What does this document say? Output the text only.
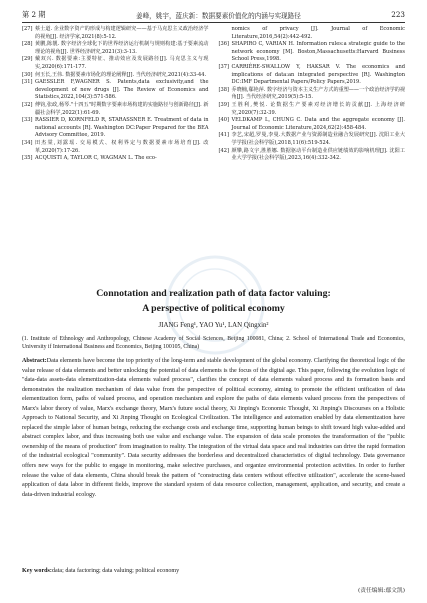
第 2 期	姜峰，姚宇，蓝庆新：数据要素价值化的内涵与实现路径	223
[27] 蔡士道. 企业数字资产的形成与构建逻辑研究——基于马克思主义政治经济学的视角[J]. 经济学家,2021(8):5-12.
[28] 黄鹏,陈靓. 数字经济全球化下的世界经济运行机制与规则构建:基于要素流动理论的视角[J]. 世界经济研究,2021(3):3-13.
[29] 戴双兴. 数据要素:主要特征、推动效应及发展路径[J]. 马克思主义与现实,2020(6):171-177.
[30] 何玉长,王伟. 数据要素市场化的理论阐释[J]. 当代经济研究,2021(4):33-44.
[31] GAESSLER F,WAGNER S. Patents,data exclusivity,and the development of new drugs [J]. The Review of Economics and Statistics,2022,104(3):571-586.
[32] 傅钧,张政,杨琴."十四五"时期数字要素市场构建的实施路径与创新路径[J]. 新疆社会科学,2022(1):61-69.
[33] RASSIER D, KORNFELD R, STARASSNER E. Treatment of data in national accounts [R]. Washington DC:Paper Prepared for the BEA Advisory Committee, 2019.
[34] 田杰棠,刘露瑶. 交易模式、权利界定与数据要素市场培育[J]. 改革,2020(7):17-26.
[35] ACQUISTI A, TAYLOR C, WAGMAN L. The eco-
nomics of privacy [J]. Journal of Economic Literature,2016,54(2):442-492.
[36] SHAPIRO C, VARIAN H. Information rules:a strategic guide to the network economy [M]. Boston,Massachusetts:Harvard Business School Press,1998.
[37] CARRIÈRE-SWALLOW Y, HAKSAR V. The economics and implications of data:an integrated perspective [R]. Washington DC:IMF Departmental Papers/Policy Papers,2019.
[38] 乔晓楠,郗艳萍. 数字经济与资本主义生产方式的重塑——一个政治经济学的视角[J]. 当代经济研究,2019(5):5-15.
[39] 王胜利,樊悦. 论数据生产要素对经济增长的贡献[J]. 上海经济研究,2020(7):32-39.
[40] VELDKAMP L, CHUNG C. Data and the aggregate economy [J]. Journal of Economic Literature,2024,62(2):458-484.
[41] 李艺,宋超,罗曼,李曼.大数据产业与资源制造业融合发展研究[J]. 沈阳工业大学学报(社会科学版),2018,11(6):519-524.
[42] 颜攀,路文宇,胜胜娜. 数据驱动平台制造业供应链绩效的影响机理[J]. 沈阳工业大学学报(社会科学版),2023,16(4):332-342.
Connotation and realization path of data factor valuing:
A perspective of political economy
JIANG Feng¹, YAO Yu¹, LAN Qingxin²
(1. Institute of Ethnology and Anthropology, Chinese Academy of Social Sciences, Beijing 100081, China; 2. School of International Trade and Economics, University if International Business and Economics, Beijing 100105, China)
Abstract:Data elements have become the top priority of the long-term and stable development of the global economy. Clarifying the theoretical logic of the value release of data elements and better unlocking the potential of data elements is the focus of the digital age. This paper, following the evolution logic of "data-data assets-data elementization-data elements valued process", clarifies the concept of data elements valued process and its formation basis and demonstrates the realization mechanism of data value from the perspective of political economy, aiming to promote the efficient unification of data elementization form, paths of valued process, and operation mechanism and explore the paths of data elements valued process from the perspectives of Marx's labor theory of value, Marx's exchange theory, Marx's future social theory, Xi Jinping's Economic Thought, Xi Jinping's Discourses on a Holistic Approach to National Security, and Xi Jinping Thought on Ecological Civilization. The intelligence and automation enabled by data elementization have replaced the simple labor of human beings, reducing the exchange costs and exchange time, supporting human beings to shift toward high value-added and abstract complex labor, and thus increasing both use value and exchange value. The expansion of data scale promotes the transformation of the "public ownership of the means of production" from imagination to reality. The integration of the virtual data space and real industries can drive the rapid formation of the industrial ecological "community". Data security addresses the borderless and decentralized characteristics of digital technology. Data governance offers new ways for the public to engage in monitoring, make selective purchases, and organize environmental protection activities. In order to further release the value of data elements, China should break the pattern of "constructing data centers without effective utilization", accelerate the scene-based application of data labor in different fields, improve the standard system of data resource collection, management, application, and security, and create a data-driven industrial ecology.
Key words:data; data factoring; data valuing; political economy
(责任编辑:鄢文凯)
